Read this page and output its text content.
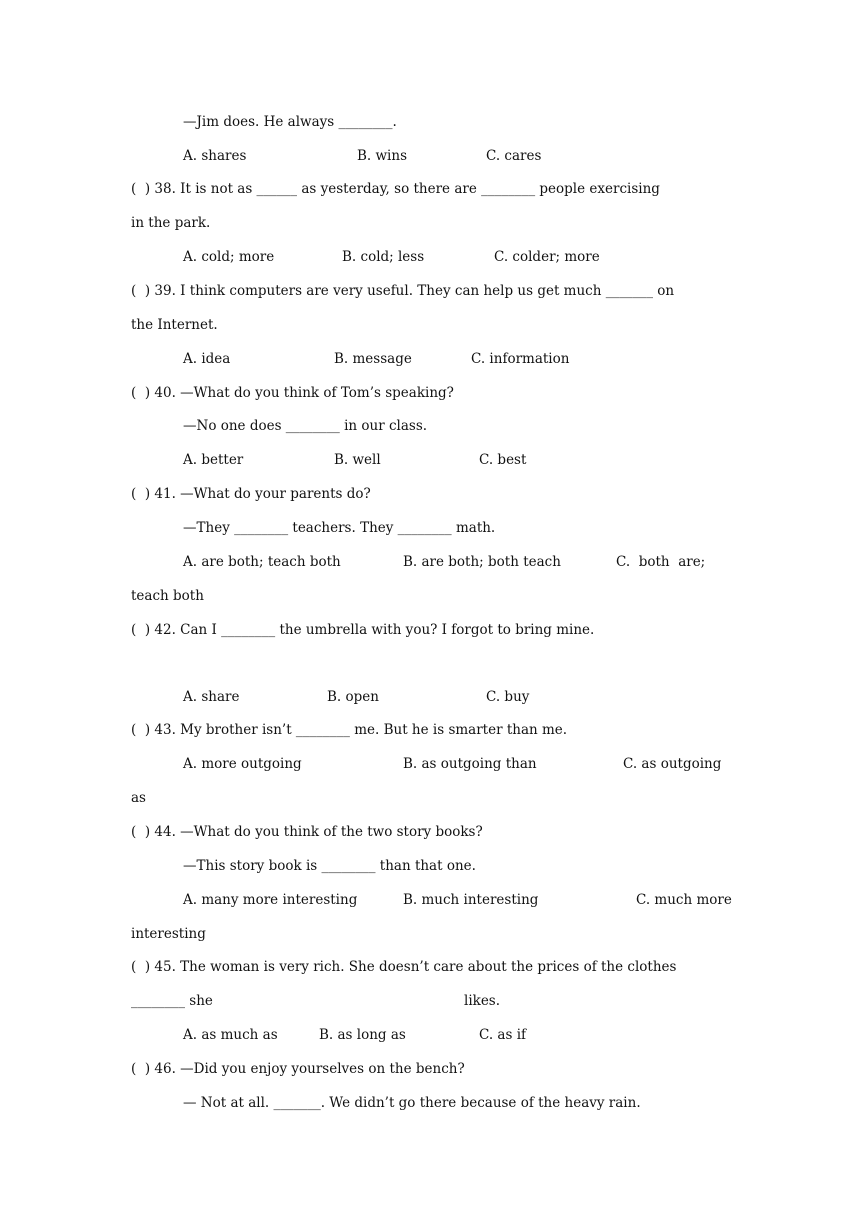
—Jim does. He always ________.
A. shares	B. wins	C. cares
(  ) 38. It is not as ______ as yesterday, so there are ________ people exercising
in the park.
A. cold; more	B. cold; less	C. colder; more
(  ) 39. I think computers are very useful. They can help us get much _______ on
the Internet.
A. idea	B. message	C. information
(  ) 40. —What do you think of Tom’s speaking?
—No one does ________ in our class.
A. better	B. well	C. best
(  ) 41. —What do your parents do?
—They ________ teachers. They ________ math.
A. are both; teach both	B. are both; both teach	C.  both  are;
teach both
(  ) 42. Can I ________ the umbrella with you? I forgot to bring mine.
A. share	B. open	C. buy
(  ) 43. My brother isn’t ________ me. But he is smarter than me.
A. more outgoing	B. as outgoing than	C. as outgoing
as
(  ) 44. —What do you think of the two story books?
—This story book is ________ than that one.
A. many more interesting	B. much interesting	C. much more
interesting
(  ) 45. The woman is very rich. She doesn’t care about the prices of the clothes
________ she	likes.
A. as much as	B. as long as	C. as if
(  ) 46. —Did you enjoy yourselves on the bench?
— Not at all. _______. We didn’t go there because of the heavy rain.
